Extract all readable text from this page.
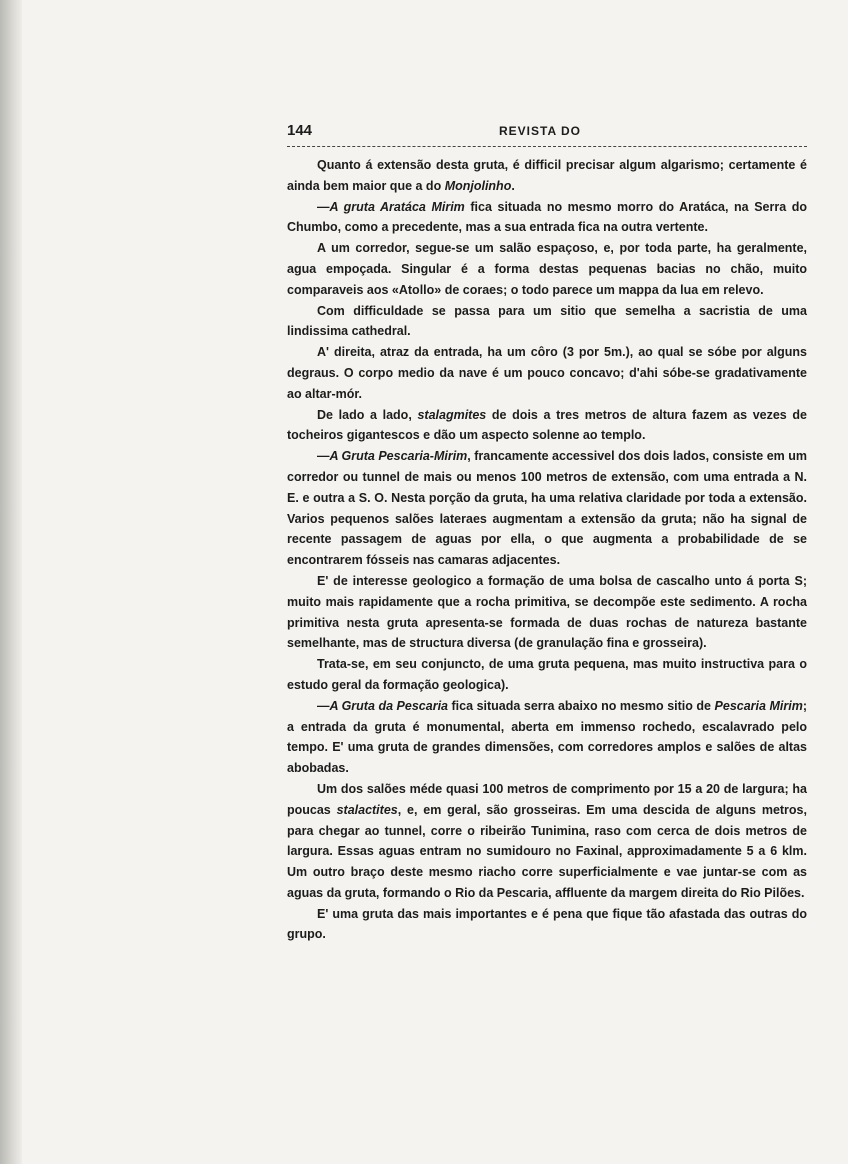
144	REVISTA DO

Quanto á extensão desta gruta, é difficil precisar algum algarismo; certamente é ainda bem maior que a do Monjolinho.

—A gruta Aratáca Mirim fica situada no mesmo morro do Aratáca, na Serra do Chumbo, como a precedente, mas a sua entrada fica na outra vertente.

A um corredor, segue-se um salão espaçoso, e, por toda parte, ha geralmente, agua empoçada. Singular é a forma destas pequenas bacias no chão, muito comparaveis aos «Atollo» de coraes; o todo parece um mappa da lua em relevo.

Com difficuldade se passa para um sitio que semelha a sacristia de uma lindissima cathedral.

A' direita, atraz da entrada, ha um côro (3 por 5m.), ao qual se sóbe por alguns degraus. O corpo medio da nave é um pouco concavo; d'ahi sóbe-se gradativamente ao altar-mór.

De lado a lado, stalagmites de dois a tres metros de altura fazem as vezes de tocheiros gigantescos e dão um aspecto solenne ao templo.

—A Gruta Pescaria-Mirim, francamente accessivel dos dois lados, consiste em um corredor ou tunnel de mais ou menos 100 metros de extensão, com uma entrada a N. E. e outra a S. O. Nesta porção da gruta, ha uma relativa claridade por toda a extensão. Varios pequenos salões lateraes augmentam a extensão da gruta; não ha signal de recente passagem de aguas por ella, o que augmenta a probabilidade de se encontrarem fósseis nas camaras adjacentes.

E' de interesse geologico a formação de uma bolsa de cascalho unto á porta S; muito mais rapidamente que a rocha primitiva, se decompõe este sedimento. A rocha primitiva nesta gruta apresenta-se formada de duas rochas de natureza bastante semelhante, mas de structura diversa (de granulação fina e grosseira).

Trata-se, em seu conjuncto, de uma gruta pequena, mas muito instructiva para o estudo geral da formação geologica).

—A Gruta da Pescaria fica situada serra abaixo no mesmo sitio de Pescaria Mirim; a entrada da gruta é monumental, aberta em immenso rochedo, escalavrado pelo tempo. E' uma gruta de grandes dimensões, com corredores amplos e salões de altas abobadas.

Um dos salões méde quasi 100 metros de comprimento por 15 a 20 de largura; ha poucas stalactites, e, em geral, são grosseiras. Em uma descida de alguns metros, para chegar ao tunnel, corre o ribeirão Tunimina, raso com cerca de dois metros de largura. Essas aguas entram no sumidouro no Faxinal, approximadamente 5 a 6 klm. Um outro braço deste mesmo riacho corre superficialmente e vae juntar-se com as aguas da gruta, formando o Rio da Pescaria, affluente da margem direita do Rio Pilões.

E' uma gruta das mais importantes e é pena que fique tão afastada das outras do grupo.
